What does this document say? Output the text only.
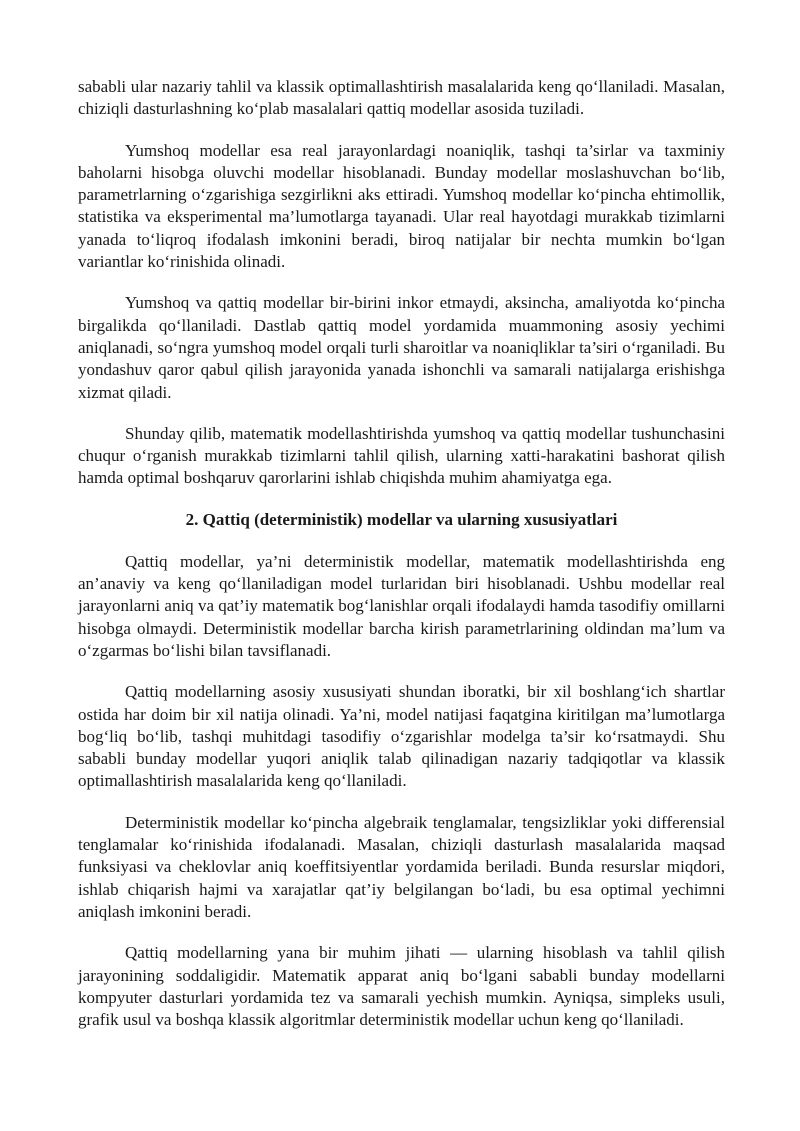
sababli ular nazariy tahlil va klassik optimallashtirish masalalarida keng qo‘llaniladi. Masalan, chiziqli dasturlashning ko‘plab masalalari qattiq modellar asosida tuziladi.

Yumshoq modellar esa real jarayonlardagi noaniqlik, tashqi ta’sirlar va taxminiy baholarni hisobga oluvchi modellar hisoblanadi. Bunday modellar moslashuvchan bo‘lib, parametrlarning o‘zgarishiga sezgirlikni aks ettiradi. Yumshoq modellar ko‘pincha ehtimollik, statistika va eksperimental ma’lumotlarga tayanadi. Ular real hayotdagi murakkab tizimlarni yanada to‘liqroq ifodalash imkonini beradi, biroq natijalar bir nechta mumkin bo‘lgan variantlar ko‘rinishida olinadi.

Yumshoq va qattiq modellar bir-birini inkor etmaydi, aksincha, amaliyotda ko‘pincha birgalikda qo‘llaniladi. Dastlab qattiq model yordamida muammoning asosiy yechimi aniqlanadi, so‘ngra yumshoq model orqali turli sharoitlar va noaniqliklar ta’siri o‘rganiladi. Bu yondashuv qaror qabul qilish jarayonida yanada ishonchli va samarali natijalarga erishishga xizmat qiladi.

Shunday qilib, matematik modellashtirishda yumshoq va qattiq modellar tushunchasini chuqur o‘rganish murakkab tizimlarni tahlil qilish, ularning xatti-harakatini bashorat qilish hamda optimal boshqaruv qarorlarini ishlab chiqishda muhim ahamiyatga ega.

2. Qattiq (deterministik) modellar va ularning xususiyatlari

Qattiq modellar, ya’ni deterministik modellar, matematik modellashtirishda eng an’anaviy va keng qo‘llaniladigan model turlaridan biri hisoblanadi. Ushbu modellar real jarayonlarni aniq va qat’iy matematik bog‘lanishlar orqali ifodalaydi hamda tasodifiy omillarni hisobga olmaydi. Deterministik modellar barcha kirish parametrlarining oldindan ma’lum va o‘zgarmas bo‘lishi bilan tavsiflanadi.

Qattiq modellarning asosiy xususiyati shundan iboratki, bir xil boshlang‘ich shartlar ostida har doim bir xil natija olinadi. Ya’ni, model natijasi faqatgina kiritilgan ma’lumotlarga bog‘liq bo‘lib, tashqi muhitdagi tasodifiy o‘zgarishlar modelga ta’sir ko‘rsatmaydi. Shu sababli bunday modellar yuqori aniqlik talab qilinadigan nazariy tadqiqotlar va klassik optimallashtirish masalalarida keng qo‘llaniladi.

Deterministik modellar ko‘pincha algebraik tenglamalar, tengsizliklar yoki differensial tenglamalar ko‘rinishida ifodalanadi. Masalan, chiziqli dasturlash masalalarida maqsad funksiyasi va cheklovlar aniq koeffitsiyentlar yordamida beriladi. Bunda resurslar miqdori, ishlab chiqarish hajmi va xarajatlar qat’iy belgilangan bo‘ladi, bu esa optimal yechimni aniqlash imkonini beradi.

Qattiq modellarning yana bir muhim jihati — ularning hisoblash va tahlil qilish jarayonining soddaligidir. Matematik apparat aniq bo‘lgani sababli bunday modellarni kompyuter dasturlari yordamida tez va samarali yechish mumkin. Ayniqsa, simpleks usuli, grafik usul va boshqa klassik algoritmlar deterministik modellar uchun keng qo‘llaniladi.
